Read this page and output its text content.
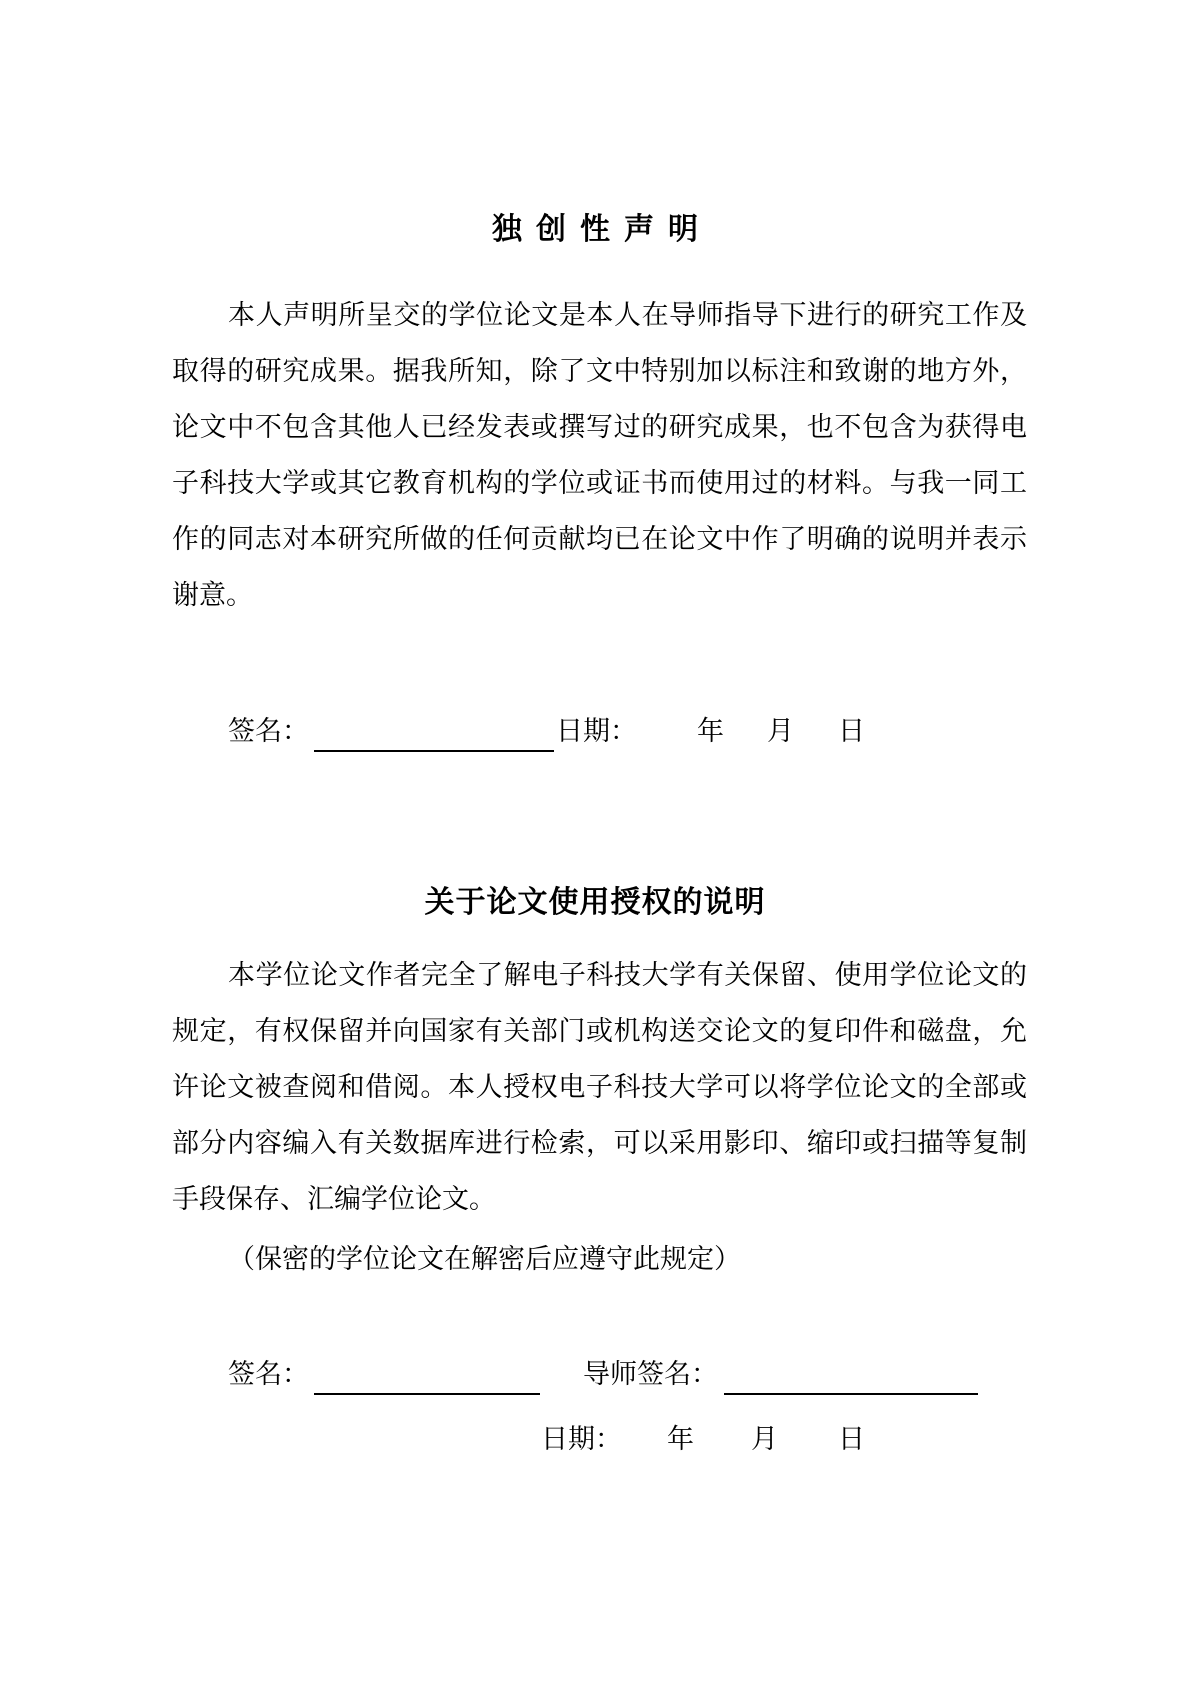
独创性声明

本人声明所呈交的学位论文是本人在导师指导下进行的研究工作及取得的研究成果。据我所知，除了文中特别加以标注和致谢的地方外，论文中不包含其他人已经发表或撰写过的研究成果，也不包含为获得电子科技大学或其它教育机构的学位或证书而使用过的材料。与我一同工作的同志对本研究所做的任何贡献均已在论文中作了明确的说明并表示谢意。

签名：	日期： 年 月 日
关于论文使用授权的说明

本学位论文作者完全了解电子科技大学有关保留、使用学位论文的规定，有权保留并向国家有关部门或机构送交论文的复印件和磁盘，允许论文被查阅和借阅。本人授权电子科技大学可以将学位论文的全部或部分内容编入有关数据库进行检索，可以采用影印、缩印或扫描等复制手段保存、汇编学位论文。

（保密的学位论文在解密后应遵守此规定）

签名：	导师签名：
日期： 年 月 日
